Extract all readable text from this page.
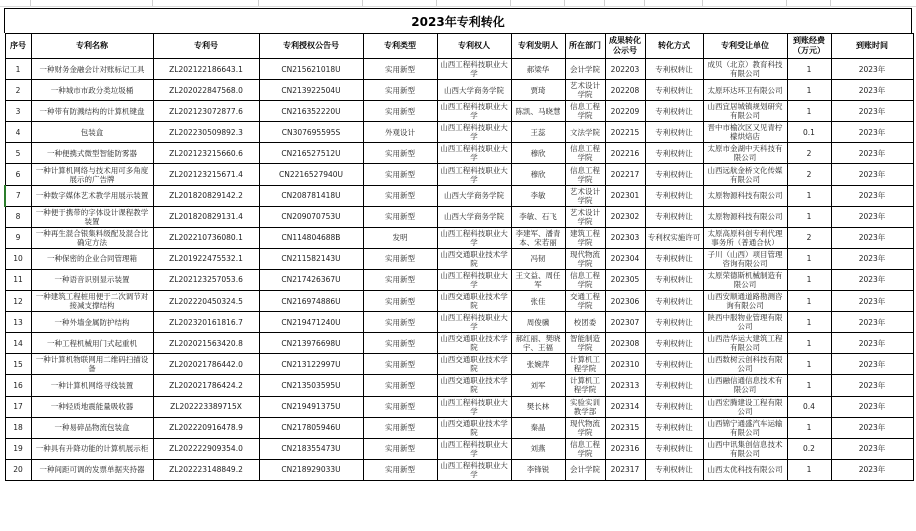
2023年专利转化
序号	专利名称	专利号	专利授权公告号	专利类型	专利权人	专利发明人	所在部门	成果转化公示号	转化方式	专利受让单位	到账经费（万元）	到账时间
1	一种财务金融会计对账标记工具	ZL202122186643.1	CN215621018U	实用新型	山西工程科技职业大学	郝梁华	会计学院	202203	专利权转让	成贝（北京）教育科技有限公司	1	2023年
2	一种城市市政分类垃圾桶	ZL202022847568.0	CN213922504U	实用新型	山西大学商务学院	贾琦	艺术设计学院	202208	专利权转让	太原环达环卫有限公司	1	2023年
3	一种带有防溅结构的计算机键盘	ZL202123072877.6	CN216352220U	实用新型	山西工程科技职业大学	陈凯、马晓慧	信息工程学院	202209	专利权转让	山西宜居城镇规划研究有限公司	1	2023年
4	包装盒	ZL202230509892.3	CN307695595S	外观设计	山西工程科技职业大学	王蕊	文法学院	202215	专利权转让	晋中市榆次区又见青柠檬烘焙店	0.1	2023年
5	一种便携式微型智能防雾器	ZL202123215660.6	CN216527512U	实用新型	山西工程科技职业大学	穆欣	信息工程学院	202216	专利权转让	太原市金湖中天科技有限公司	2	2023年
6	一种计算机网络与技术用可多角度展示的广告牌	ZL202123215671.4	CN2216527940U	实用新型	山西工程科技职业大学	穆欣	信息工程学院	202217	专利权转让	山西远航金桥文化传媒有限公司	2	2023年
7	一种数字媒体艺术教学用展示装置	ZL201820829142.2	CN208781418U	实用新型	山西大学商务学院	李敏	艺术设计学院	202301	专利权转让	太原物源科技有限公司	1	2023年
8	一种便于携带的字体设计课程教学装置	ZL201820829131.4	CN209070753U	实用新型	山西大学商务学院	李敏、石飞	艺术设计学院	202302	专利权转让	太原物源科技有限公司	1	2023年
9	一种再生混合银集料级配及混合比确定方法	ZL202210736080.1	CN114804688B	发明	山西工程科技职业大学	李建军、潘青本、宋若丽	建筑工程学院	202303	专利权实施许可	太原高原科创专利代理事务所（普通合伙）	2	2023年
10	一种保密的企业合同管理箱	ZL201922475532.1	CN211582143U	实用新型	山西交通职业技术学院	冯韧	现代物流学院	202304	专利权转让	子川（山西）项目管理咨询有限公司	1	2023年
11	一种语音识别显示装置	ZL202123257053.6	CN217426367U	实用新型	山西工程科技职业大学	王文益、周任军	信息工程学院	202305	专利权转让	太原荣德斯机械制造有限公司	1	2023年
12	一种建筑工程桩用便于二次调节对接减支撑结构	ZL202220450324.5	CN216974886U	实用新型	山西交通职业技术学院	张佳	交通工程学院	202306	专利权转让	山西安顺通道路勘测咨询有限公司	1	2023年
13	一种外墙金属防护结构	ZL202320161816.7	CN219471240U	实用新型	山西工程科技职业大学	周俊骥	校团委	202307	专利权转让	陕西中服物业管理有限公司	1	2023年
14	一种工程机械用门式起重机	ZL202021563420.8	CN213976698U	实用新型	山西交通职业技术学院	郝红丽、樊晓宇、王福	智能制造学院	202308	专利权转让	山西浩华运大建筑工程有限公司	1	2023年
15	一种计算机物联网用二维码扫描设备	ZL202021786442.0	CN213122997U	实用新型	山西交通职业技术学院	张婉萍	计算机工程学院	202310	专利权转让	山西数树云创科技有限公司	1	2023年
16	一种计算机网络寻线装置	ZL202021786424.2	CN213503595U	实用新型	山西交通职业技术学院	刘军	计算机工程学院	202313	专利权转让	山西融信通信息技术有限公司	1	2023年
17	一种轻质地震能量吸收器	ZL202223389715X	CN219491375U	实用新型	山西工程科技职业大学	樊长林	实验实训教学部	202314	专利权转让	山西宏腾建设工程有限公司	0.4	2023年
18	一种易碎品物流包装盒	ZL202220916478.9	CN217805946U	实用新型	山西交通职业技术学院	秦晶	现代物流学院	202315	专利权转让	山西锦宁通盛汽车运输有限公司	1	2023年
19	一种具有升降功能的计算机展示柜	ZL202222909354.0	CN218355473U	实用新型	山西工程科技职业大学	刘燕	信息工程学院	202316	专利权转让	山西中讯集创信息技术有限公司	0.2	2023年
20	一种间距可调的发票单据夹持器	ZL202223148849.2	CN218929033U	实用新型	山西工程科技职业大学	李锋锐	会计学院	202317	专利权转让	山西太优科技有限公司	1	2023年
